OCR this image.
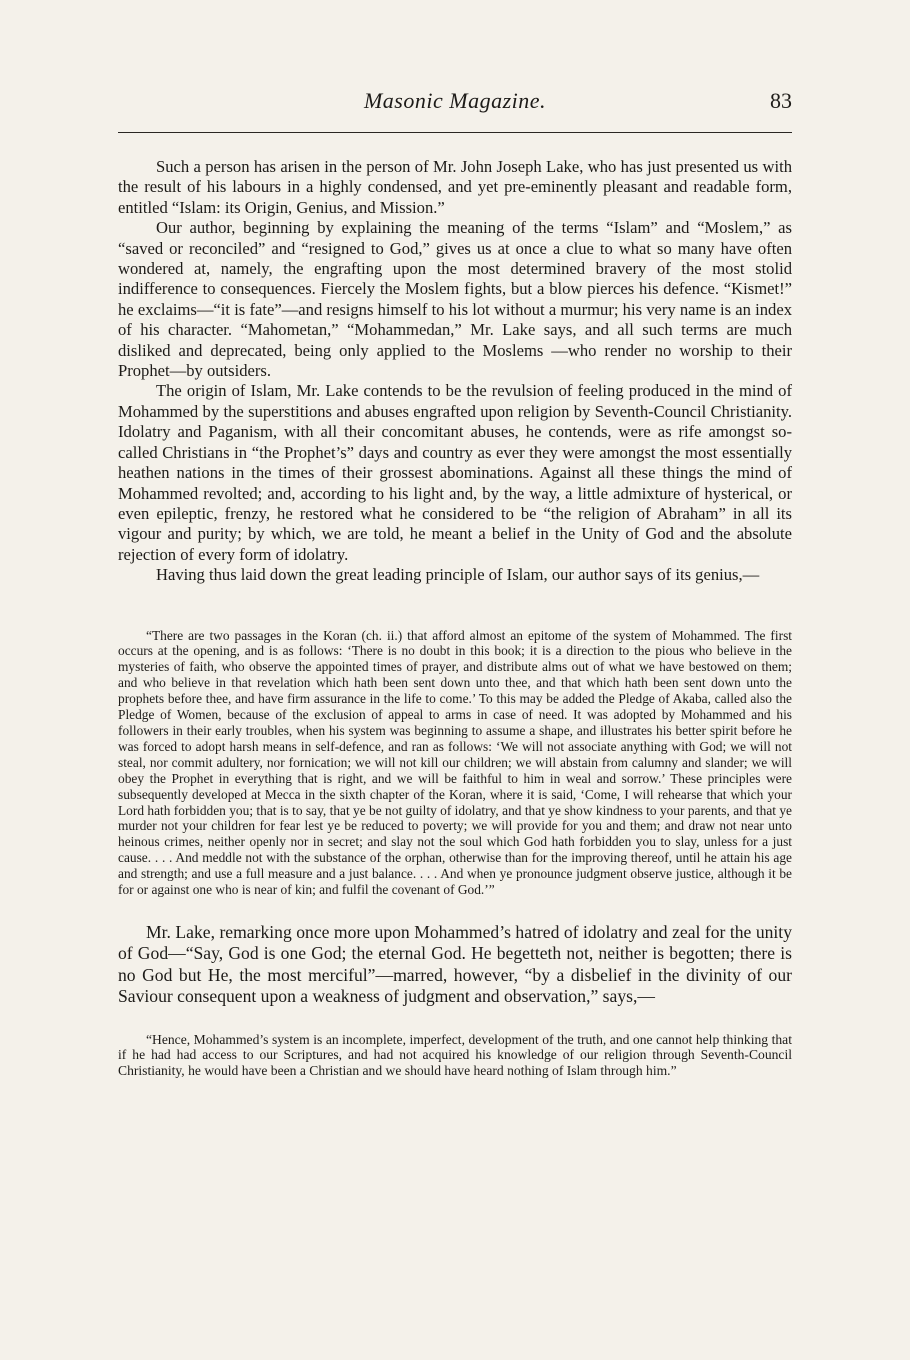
Masonic Magazine.	83

Such a person has arisen in the person of Mr. John Joseph Lake, who has just presented us with the result of his labours in a highly condensed, and yet pre-eminently pleasant and readable form, entitled “Islam: its Origin, Genius, and Mission.”

Our author, beginning by explaining the meaning of the terms “Islam” and “Moslem,” as “saved or reconciled” and “resigned to God,” gives us at once a clue to what so many have often wondered at, namely, the engrafting upon the most determined bravery of the most stolid indifference to consequences. Fiercely the Moslem fights, but a blow pierces his defence. “Kismet!” he exclaims—“it is fate”—and resigns himself to his lot without a murmur; his very name is an index of his character. “Mahometan,” “Mohammedan,” Mr. Lake says, and all such terms are much disliked and deprecated, being only applied to the Moslems —who render no worship to their Prophet—by outsiders.

The origin of Islam, Mr. Lake contends to be the revulsion of feeling produced in the mind of Mohammed by the superstitions and abuses engrafted upon religion by Seventh-Council Christianity. Idolatry and Paganism, with all their concomitant abuses, he contends, were as rife amongst so-called Christians in “the Prophet’s” days and country as ever they were amongst the most essentially heathen nations in the times of their grossest abominations. Against all these things the mind of Mohammed revolted; and, according to his light and, by the way, a little admixture of hysterical, or even epileptic, frenzy, he restored what he considered to be “the religion of Abraham” in all its vigour and purity; by which, we are told, he meant a belief in the Unity of God and the absolute rejection of every form of idolatry.

Having thus laid down the great leading principle of Islam, our author says of its genius,—

“There are two passages in the Koran (ch. ii.) that afford almost an epitome of the system of Mohammed. The first occurs at the opening, and is as follows: ‘There is no doubt in this book; it is a direction to the pious who believe in the mysteries of faith, who observe the appointed times of prayer, and distribute alms out of what we have bestowed on them; and who believe in that revelation which hath been sent down unto thee, and that which hath been sent down unto the prophets before thee, and have firm assurance in the life to come.’ To this may be added the Pledge of Akaba, called also the Pledge of Women, because of the exclusion of appeal to arms in case of need. It was adopted by Mohammed and his followers in their early troubles, when his system was beginning to assume a shape, and illustrates his better spirit before he was forced to adopt harsh means in self-defence, and ran as follows: ‘We will not associate anything with God; we will not steal, nor commit adultery, nor fornication; we will not kill our children; we will abstain from calumny and slander; we will obey the Prophet in everything that is right, and we will be faithful to him in weal and sorrow.’ These principles were subsequently developed at Mecca in the sixth chapter of the Koran, where it is said, ‘Come, I will rehearse that which your Lord hath forbidden you; that is to say, that ye be not guilty of idolatry, and that ye show kindness to your parents, and that ye murder not your children for fear lest ye be reduced to poverty; we will provide for you and them; and draw not near unto heinous crimes, neither openly nor in secret; and slay not the soul which God hath forbidden you to slay, unless for a just cause. . . . And meddle not with the substance of the orphan, otherwise than for the improving thereof, until he attain his age and strength; and use a full measure and a just balance. . . . And when ye pronounce judgment observe justice, although it be for or against one who is near of kin; and fulfil the covenant of God.’”

Mr. Lake, remarking once more upon Mohammed’s hatred of idolatry and zeal for the unity of God—“Say, God is one God; the eternal God. He begetteth not, neither is begotten; there is no God but He, the most merciful”—marred, however, “by a disbelief in the divinity of our Saviour consequent upon a weakness of judgment and observation,” says,—

“Hence, Mohammed’s system is an incomplete, imperfect, development of the truth, and one cannot help thinking that if he had had access to our Scriptures, and had not acquired his knowledge of our religion through Seventh-Council Christianity, he would have been a Christian and we should have heard nothing of Islam through him.”
